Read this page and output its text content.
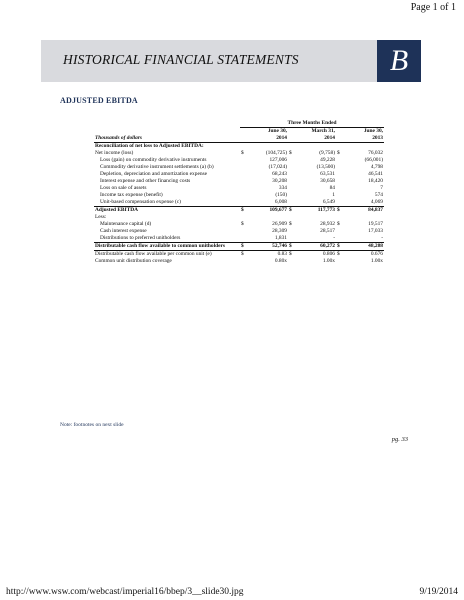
Page 1 of 1
HISTORICAL FINANCIAL STATEMENTS	B
ADJUSTED EBITDA
	Three Months Ended					
	June 30,		March 31,		June 30,	
Thousands of dollars	2014		2014		2013	
Reconciliation of net loss to Adjusted EBITDA:						
Net income (loss)	$	(104,725)	$	(9,758)	$	76,032
Loss (gain) on commodity derivative instruments		127,006		49,228		(66,001)
Commodity derivative instrument settlements (a) (b)		(17,024)		(13,500)		4,798
Depletion, depreciation and amortization expense		68,243		63,531		46,541
Interest expense and other financing costs		30,208		30,658		18,420
Loss on sale of assets		334		84		7
Income tax expense (benefit)		(150)		1		574
Unit-based compensation expense (c)		6,008		6,549		4,069
Adjusted EBITDA	$	109,677	$	117,773	$	84,837
Less:						
Maintenance capital (d)	$	26,909	$	28,932	$	19,517
Cash interest expense		28,309		28,517		17,033
Distributions to preferred unitholders		1,831		-		-
Distributable cash flow available to common unitholders	$	52,746	$	60,272	$	48,288
Distributable cash flow available per common unit (e)	$	0.83	$	0.806	$	0.676
Common unit distribution coverage		0.80x		1.00x		1.00x
Note: footnotes on next slide
pg. 33
http://www.wsw.com/webcast/imperial16/bbep/3__slide30.jpg	9/19/2014
